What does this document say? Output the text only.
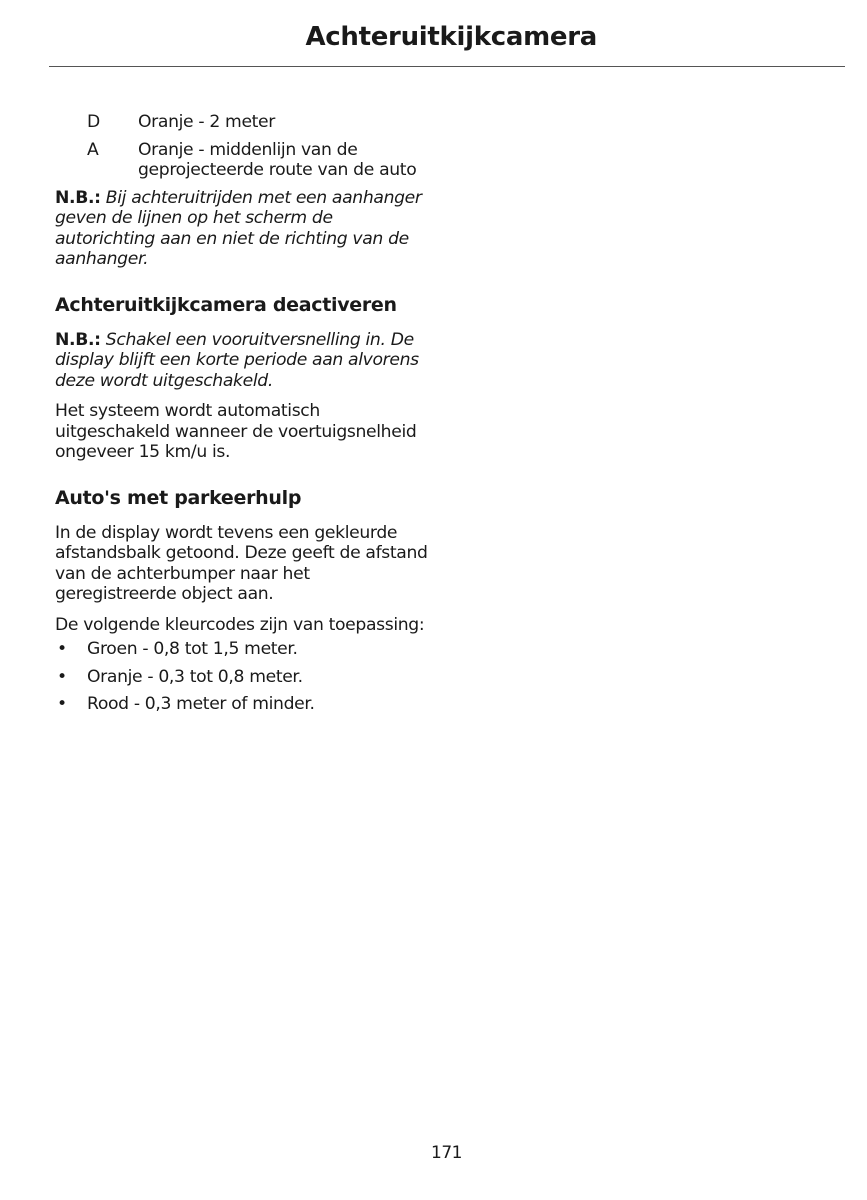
Achteruitkijkcamera
D	Oranje - 2 meter
A	Oranje - middenlijn van de geprojecteerde route van de auto

N.B.: Bij achteruitrijden met een aanhanger geven de lijnen op het scherm de autorichting aan en niet de richting van de aanhanger.

Achteruitkijkcamera deactiveren

N.B.: Schakel een vooruitversnelling in. De display blijft een korte periode aan alvorens deze wordt uitgeschakeld.

Het systeem wordt automatisch uitgeschakeld wanneer de voertuigsnelheid ongeveer 15 km/u is.

Auto's met parkeerhulp

In de display wordt tevens een gekleurde afstandsbalk getoond. Deze geeft de afstand van de achterbumper naar het geregistreerde object aan.

De volgende kleurcodes zijn van toepassing:

•	Groen - 0,8 tot 1,5 meter.
•	Oranje - 0,3 tot 0,8 meter.
•	Rood - 0,3 meter of minder.
171
